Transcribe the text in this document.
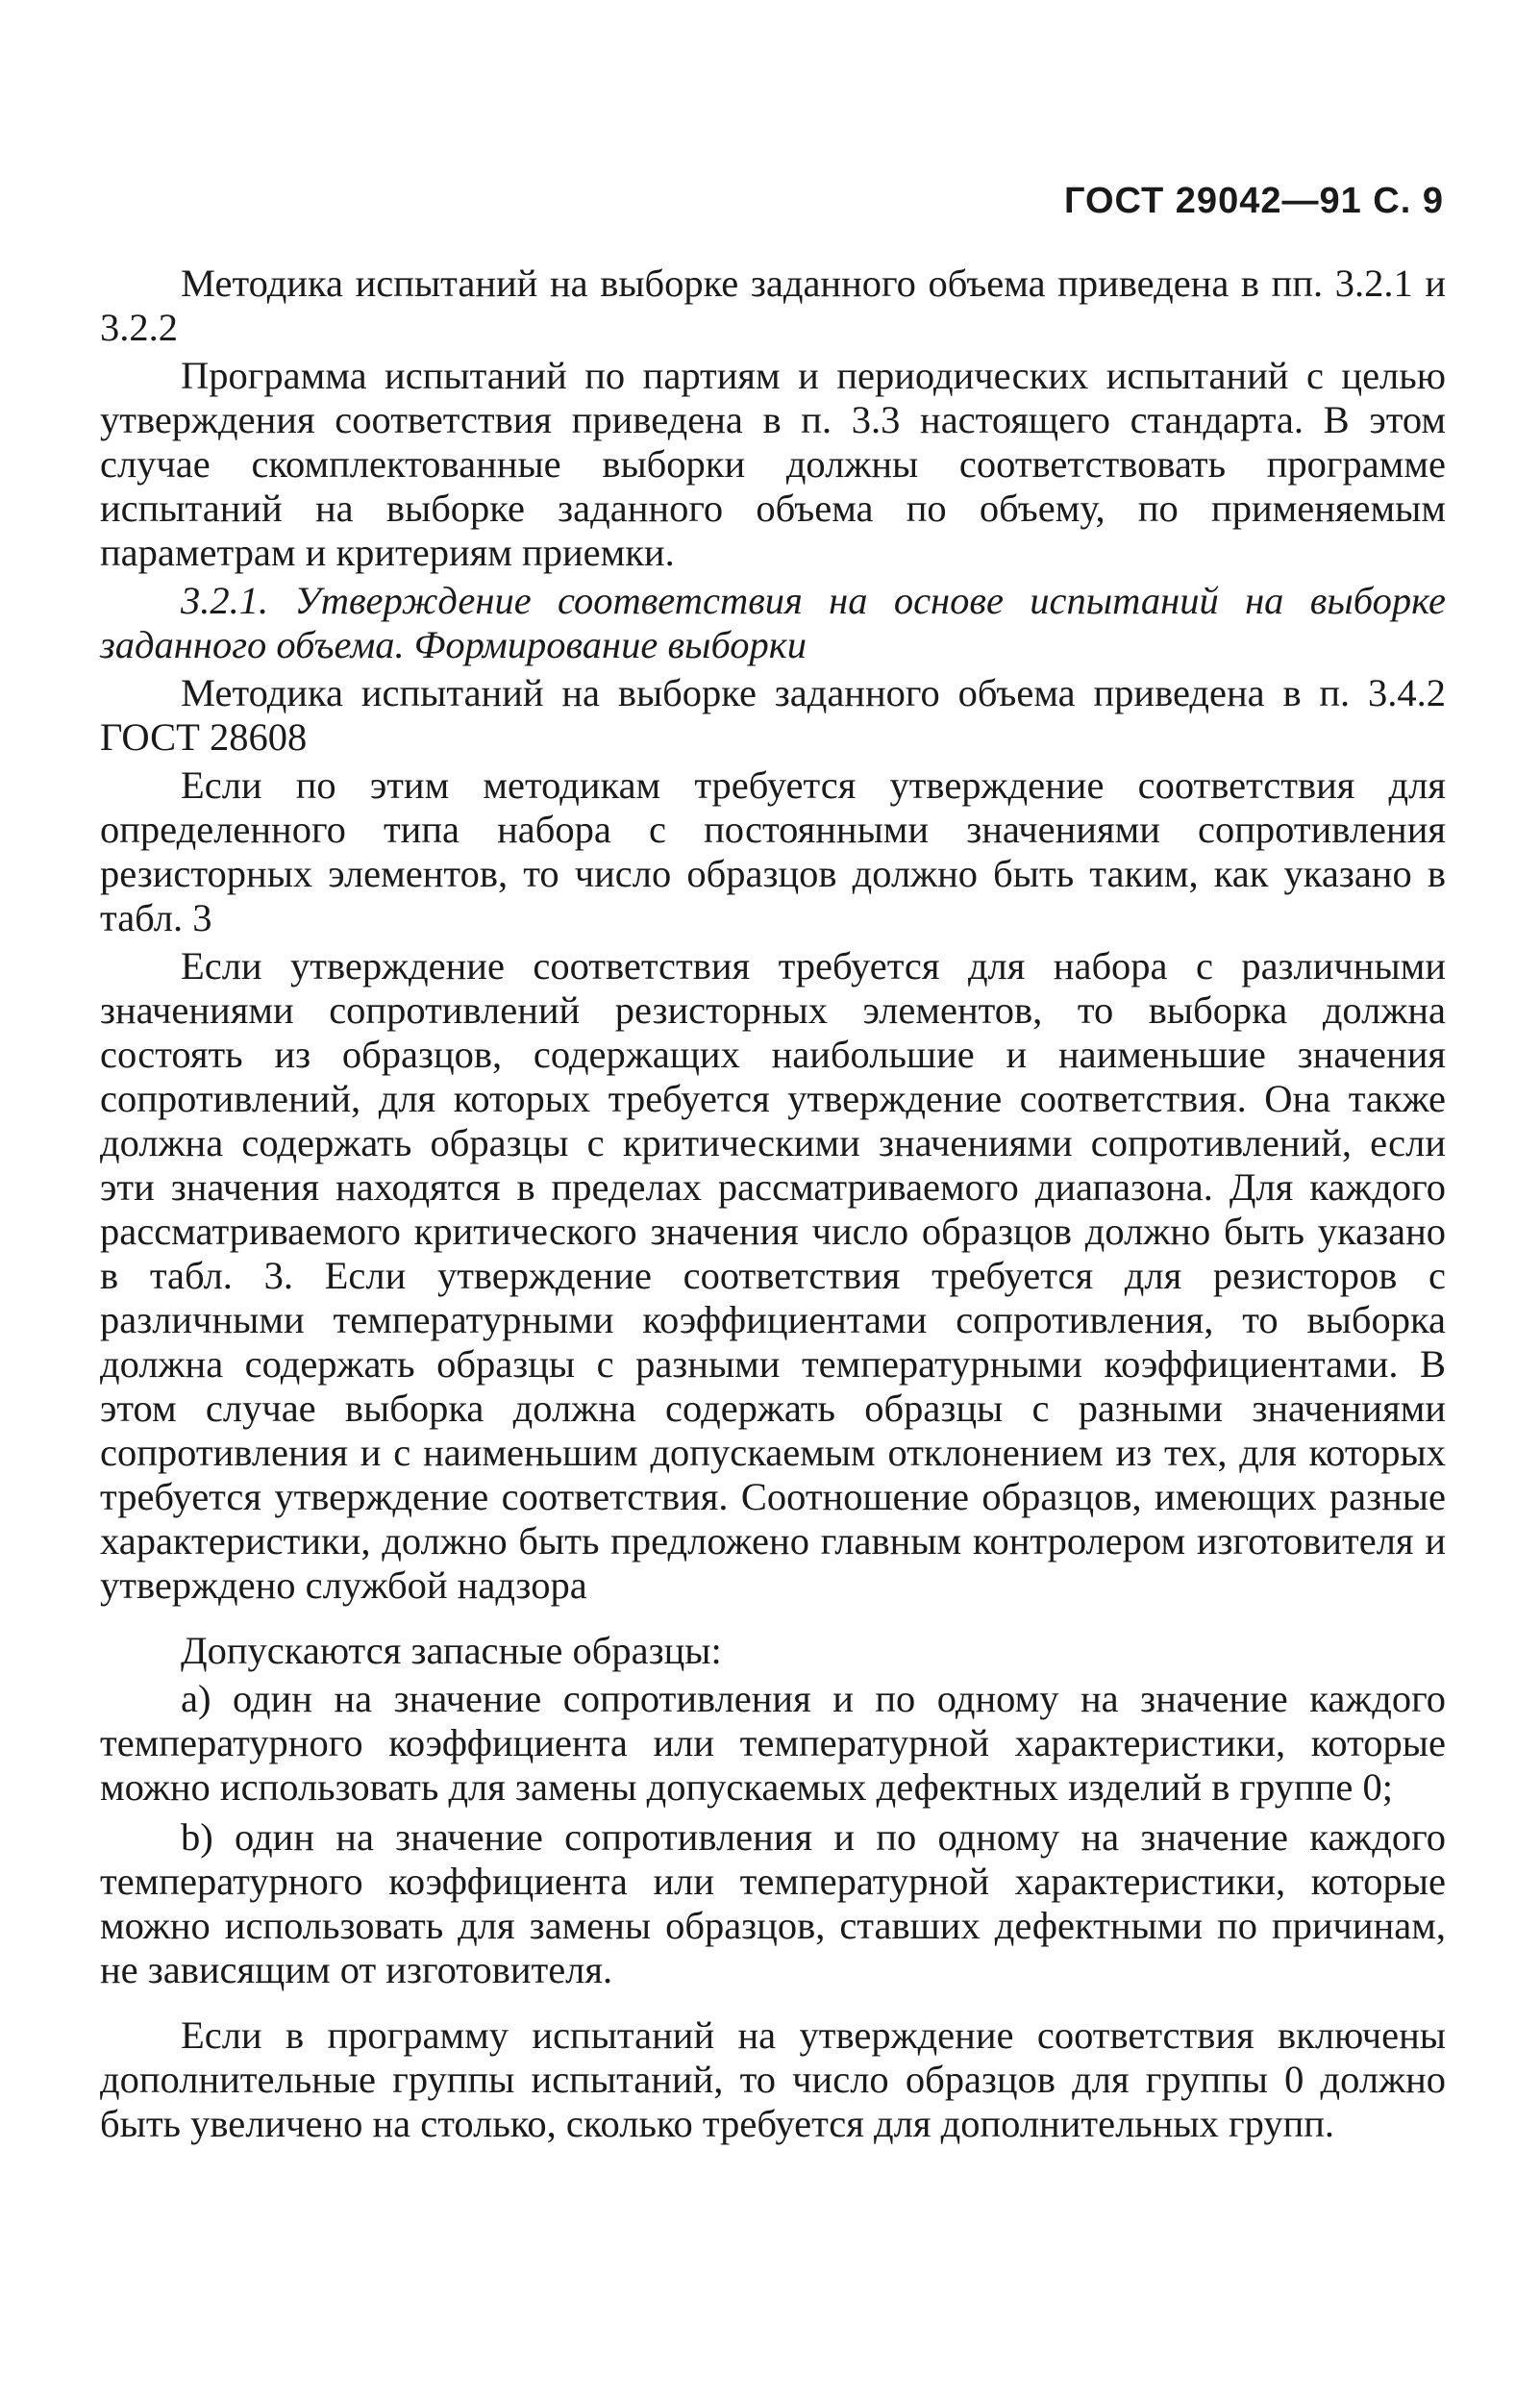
ГОСТ 29042—91 С. 9

Методика испытаний на выборке заданного объема приведена в пп. 3.2.1 и 3.2.2

Программа испытаний по партиям и периодических испытаний с целью утверждения соответствия приведена в п. 3.3 настоящего стандарта. В этом случае скомплектованные выборки должны соответствовать программе испытаний на выборке заданного объема по объему, по применяемым параметрам и критериям приемки.

3.2.1. Утверждение соответствия на основе испытаний на выборке заданного объема. Формирование выборки

Методика испытаний на выборке заданного объема приведена в п. 3.4.2 ГОСТ 28608

Если по этим методикам требуется утверждение соответствия для определенного типа набора с постоянными значениями сопротивления резисторных элементов, то число образцов должно быть таким, как указано в табл. 3

Если утверждение соответствия требуется для набора с различными значениями сопротивлений резисторных элементов, то выборка должна состоять из образцов, содержащих наибольшие и наименьшие значения сопротивлений, для которых требуется утверждение соответствия. Она также должна содержать образцы с критическими значениями сопротивлений, если эти значения находятся в пределах рассматриваемого диапазона. Для каждого рассматриваемого критического значения число образцов должно быть указано в табл. 3. Если утверждение соответствия требуется для резисторов с различными температурными коэффициентами сопротивления, то выборка должна содержать образцы с разными температурными коэффициентами. В этом случае выборка должна содержать образцы с разными значениями сопротивления и с наименьшим допускаемым отклонением из тех, для которых требуется утверждение соответствия. Соотношение образцов, имеющих разные характеристики, должно быть предложено главным контролером изготовителя и утверждено службой надзора

Допускаются запасные образцы:

a) один на значение сопротивления и по одному на значение каждого температурного коэффициента или температурной характеристики, которые можно использовать для замены допускаемых дефектных изделий в группе 0;

b) один на значение сопротивления и по одному на значение каждого температурного коэффициента или температурной характеристики, которые можно использовать для замены образцов, ставших дефектными по причинам, не зависящим от изготовителя.

Если в программу испытаний на утверждение соответствия включены дополнительные группы испытаний, то число образцов для группы 0 должно быть увеличено на столько, сколько требуется для дополнительных групп.
